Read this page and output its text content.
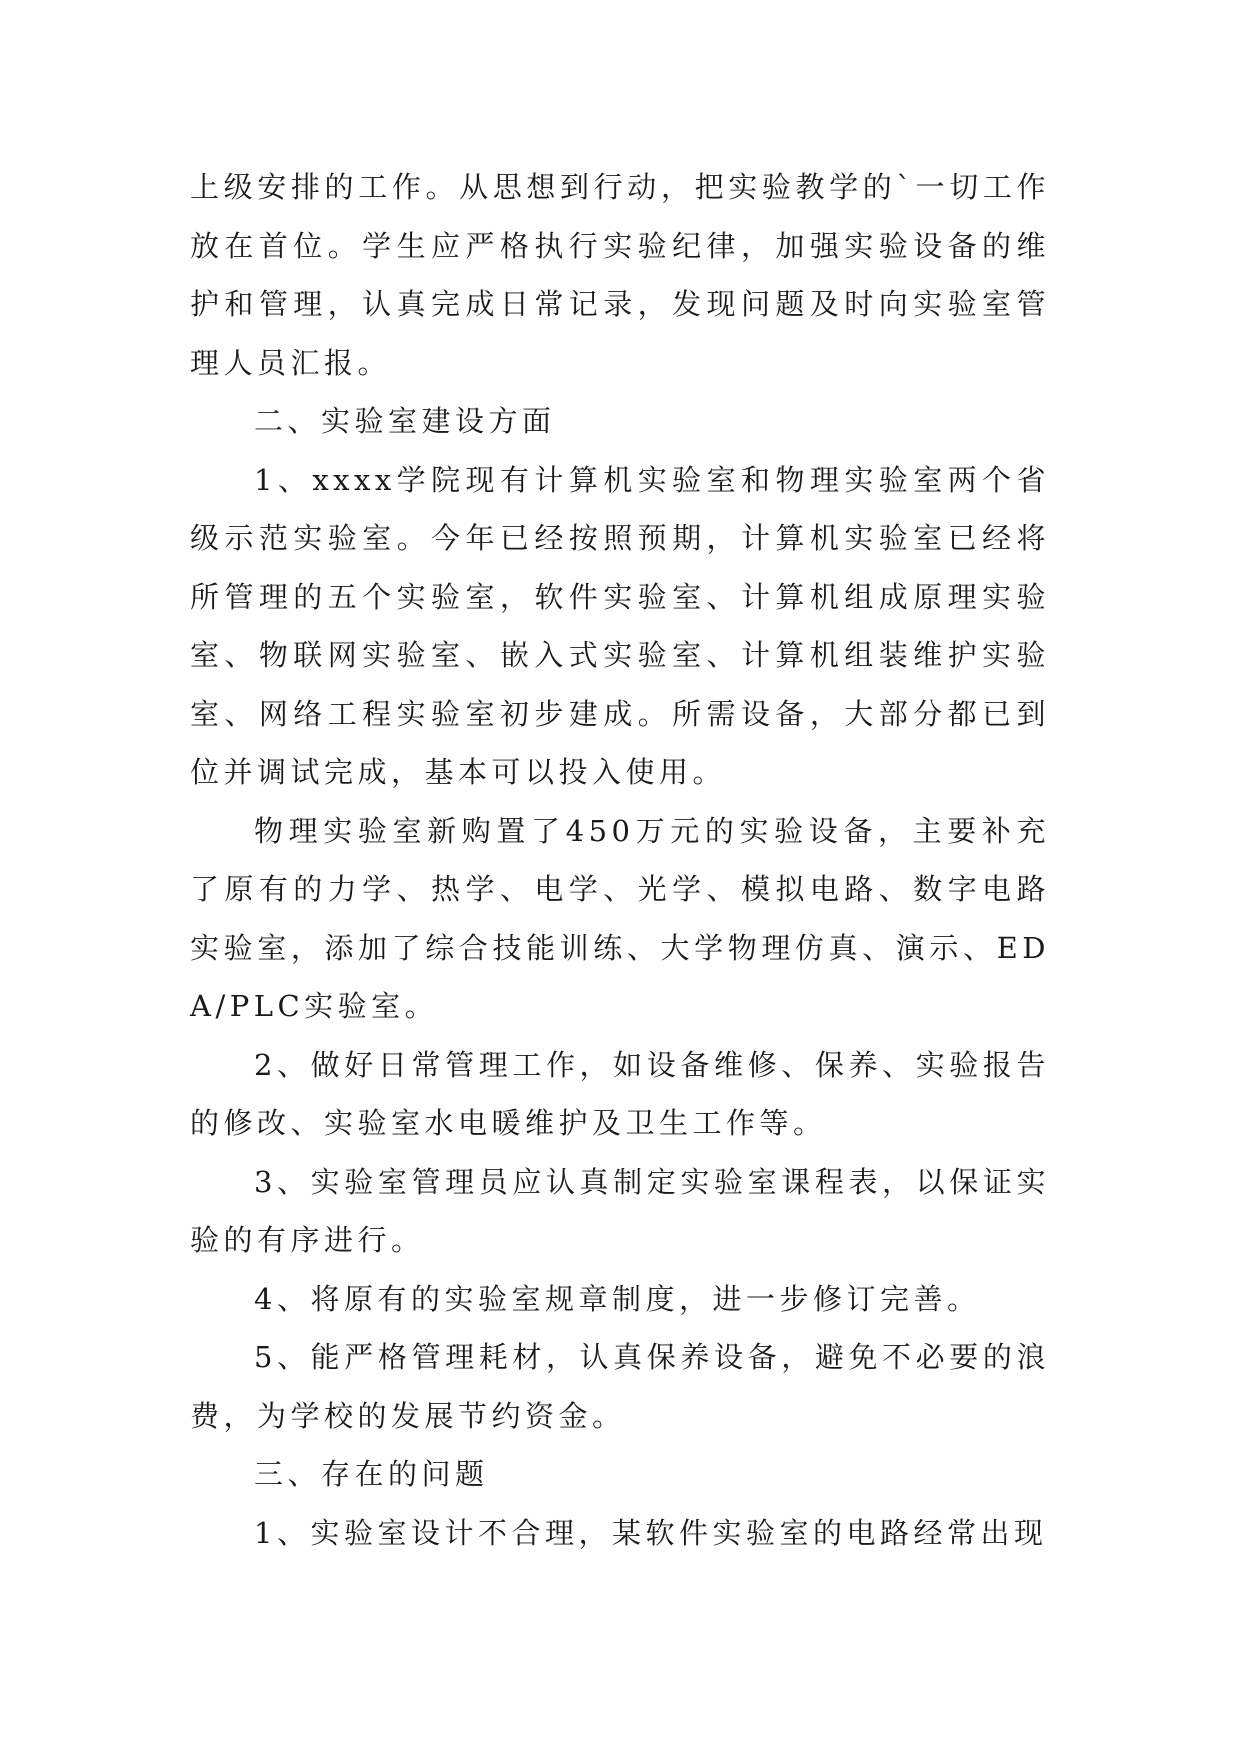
上级安排的工作。从思想到行动，把实验教学的`一切工作放在首位。学生应严格执行实验纪律，加强实验设备的维护和管理，认真完成日常记录，发现问题及时向实验室管理人员汇报。

二、实验室建设方面

1、xxxx学院现有计算机实验室和物理实验室两个省级示范实验室。今年已经按照预期，计算机实验室已经将所管理的五个实验室，软件实验室、计算机组成原理实验室、物联网实验室、嵌入式实验室、计算机组装维护实验室、网络工程实验室初步建成。所需设备，大部分都已到位并调试完成，基本可以投入使用。

物理实验室新购置了450万元的实验设备，主要补充了原有的力学、热学、电学、光学、模拟电路、数字电路实验室，添加了综合技能训练、大学物理仿真、演示、EDA/PLC实验室。

2、做好日常管理工作，如设备维修、保养、实验报告的修改、实验室水电暖维护及卫生工作等。

3、实验室管理员应认真制定实验室课程表，以保证实验的有序进行。

4、将原有的实验室规章制度，进一步修订完善。

5、能严格管理耗材，认真保养设备，避免不必要的浪费，为学校的发展节约资金。

三、存在的问题

1、实验室设计不合理，某软件实验室的电路经常出现
